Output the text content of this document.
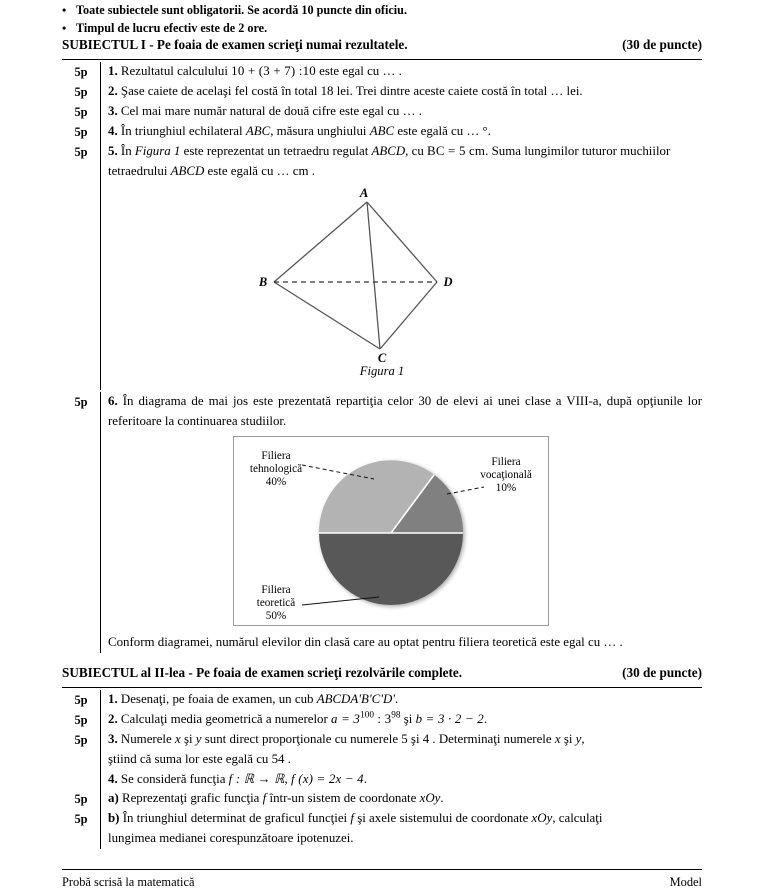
• Toate subiectele sunt obligatorii. Se acordă 10 puncte din oficiu.
• Timpul de lucru efectiv este de 2 ore.
SUBIECTUL I - Pe foaia de examen scrieţi numai rezultatele.	(30 de puncte)
5p	1. Rezultatul calculului 10 + (3 + 7) :10 este egal cu … .
5p	2. Şase caiete de acelaşi fel costă în total 18 lei. Trei dintre aceste caiete costă în total … lei.
5p	3. Cel mai mare număr natural de două cifre este egal cu … .
5p	4. În triunghiul echilateral ABC, măsura unghiului ABC este egală cu … °.
5p	5. În Figura 1 este reprezentat un tetraedru regulat ABCD, cu BC = 5 cm. Suma lungimilor tuturor muchiilor tetraedrului ABCD este egală cu … cm .
A
B
C
D
Figura 1
5p	6. În diagrama de mai jos este prezentată repartiţia celor 30 de elevi ai unei clase a VIII-a, după opţiunile lor referitoare la continuarea studiilor.
Filiera
tehnologică
40%
Filiera
vocaţională
10%
Filiera
teoretică
50%
Conform diagramei, numărul elevilor din clasă care au optat pentru filiera teoretică este egal cu … .
SUBIECTUL al II-lea - Pe foaia de examen scrieţi rezolvările complete.	(30 de puncte)
5p	1. Desenaţi, pe foaia de examen, un cub ABCDA'B'C'D'.
5p	2. Calculaţi media geometrică a numerelor $a = 3^{100}$ : $3^{98}$ şi b = 3 · 2 − 2.
5p	3. Numerele x şi y sunt direct proporţionale cu numerele 5 şi 4 . Determinaţi numerele x şi y,
ştiind că suma lor este egală cu 54 .
4. Se consideră funcţia f : ℝ → ℝ, f (x) = 2x − 4.
5p	a) Reprezentaţi grafic funcţia f într-un sistem de coordonate xOy.
5p	b) În triunghiul determinat de graficul funcţiei f şi axele sistemului de coordonate xOy, calculaţi
lungimea medianei corespunzătoare ipotenuzei.
Probă scrisă la matematică	Model
